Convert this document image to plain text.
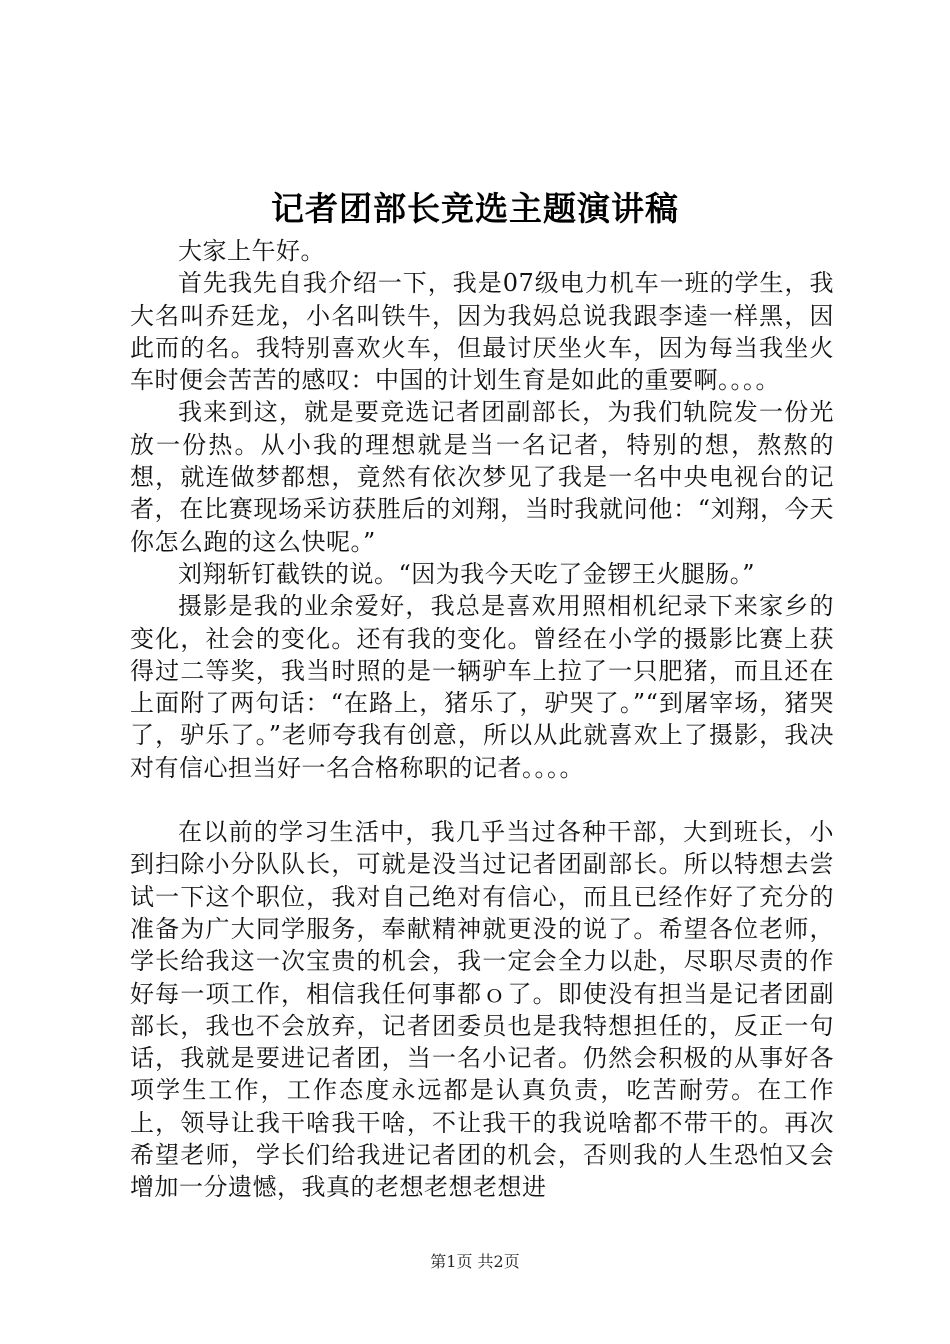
记者团部长竞选主题演讲稿

大家上午好。

首先我先自我介绍一下，我是07级电力机车一班的学生，我大名叫乔廷龙，小名叫铁牛，因为我妈总说我跟李逵一样黑，因此而的名。我特别喜欢火车，但最讨厌坐火车，因为每当我坐火车时便会苦苦的感叹：中国的计划生育是如此的重要啊。。。。

我来到这，就是要竞选记者团副部长，为我们轨院发一份光放一份热。从小我的理想就是当一名记者，特别的想，熬熬的想，就连做梦都想，竟然有依次梦见了我是一名中央电视台的记者，在比赛现场采访获胜后的刘翔，当时我就问他：“刘翔，今天你怎么跑的这么快呢。”

刘翔斩钉截铁的说。“因为我今天吃了金锣王火腿肠。”

摄影是我的业余爱好，我总是喜欢用照相机纪录下来家乡的变化，社会的变化。还有我的变化。曾经在小学的摄影比赛上获得过二等奖，我当时照的是一辆驴车上拉了一只肥猪，而且还在上面附了两句话：“在路上，猪乐了，驴哭了。”“到屠宰场，猪哭了，驴乐了。”老师夸我有创意，所以从此就喜欢上了摄影，我决对有信心担当好一名合格称职的记者。。。。

在以前的学习生活中，我几乎当过各种干部，大到班长，小到扫除小分队队长，可就是没当过记者团副部长。所以特想去尝试一下这个职位，我对自己绝对有信心，而且已经作好了充分的准备为广大同学服务，奉献精神就更没的说了。希望各位老师，学长给我这一次宝贵的机会，我一定会全力以赴，尽职尽责的作好每一项工作，相信我任何事都ｏ了。即使没有担当是记者团副部长，我也不会放弃，记者团委员也是我特想担任的，反正一句话，我就是要进记者团，当一名小记者。仍然会积极的从事好各项学生工作，工作态度永远都是认真负责，吃苦耐劳。在工作上，领导让我干啥我干啥，不让我干的我说啥都不带干的。再次希望老师，学长们给我进记者团的机会，否则我的人生恐怕又会增加一分遗憾，我真的老想老想老想进

第1页 共2页
